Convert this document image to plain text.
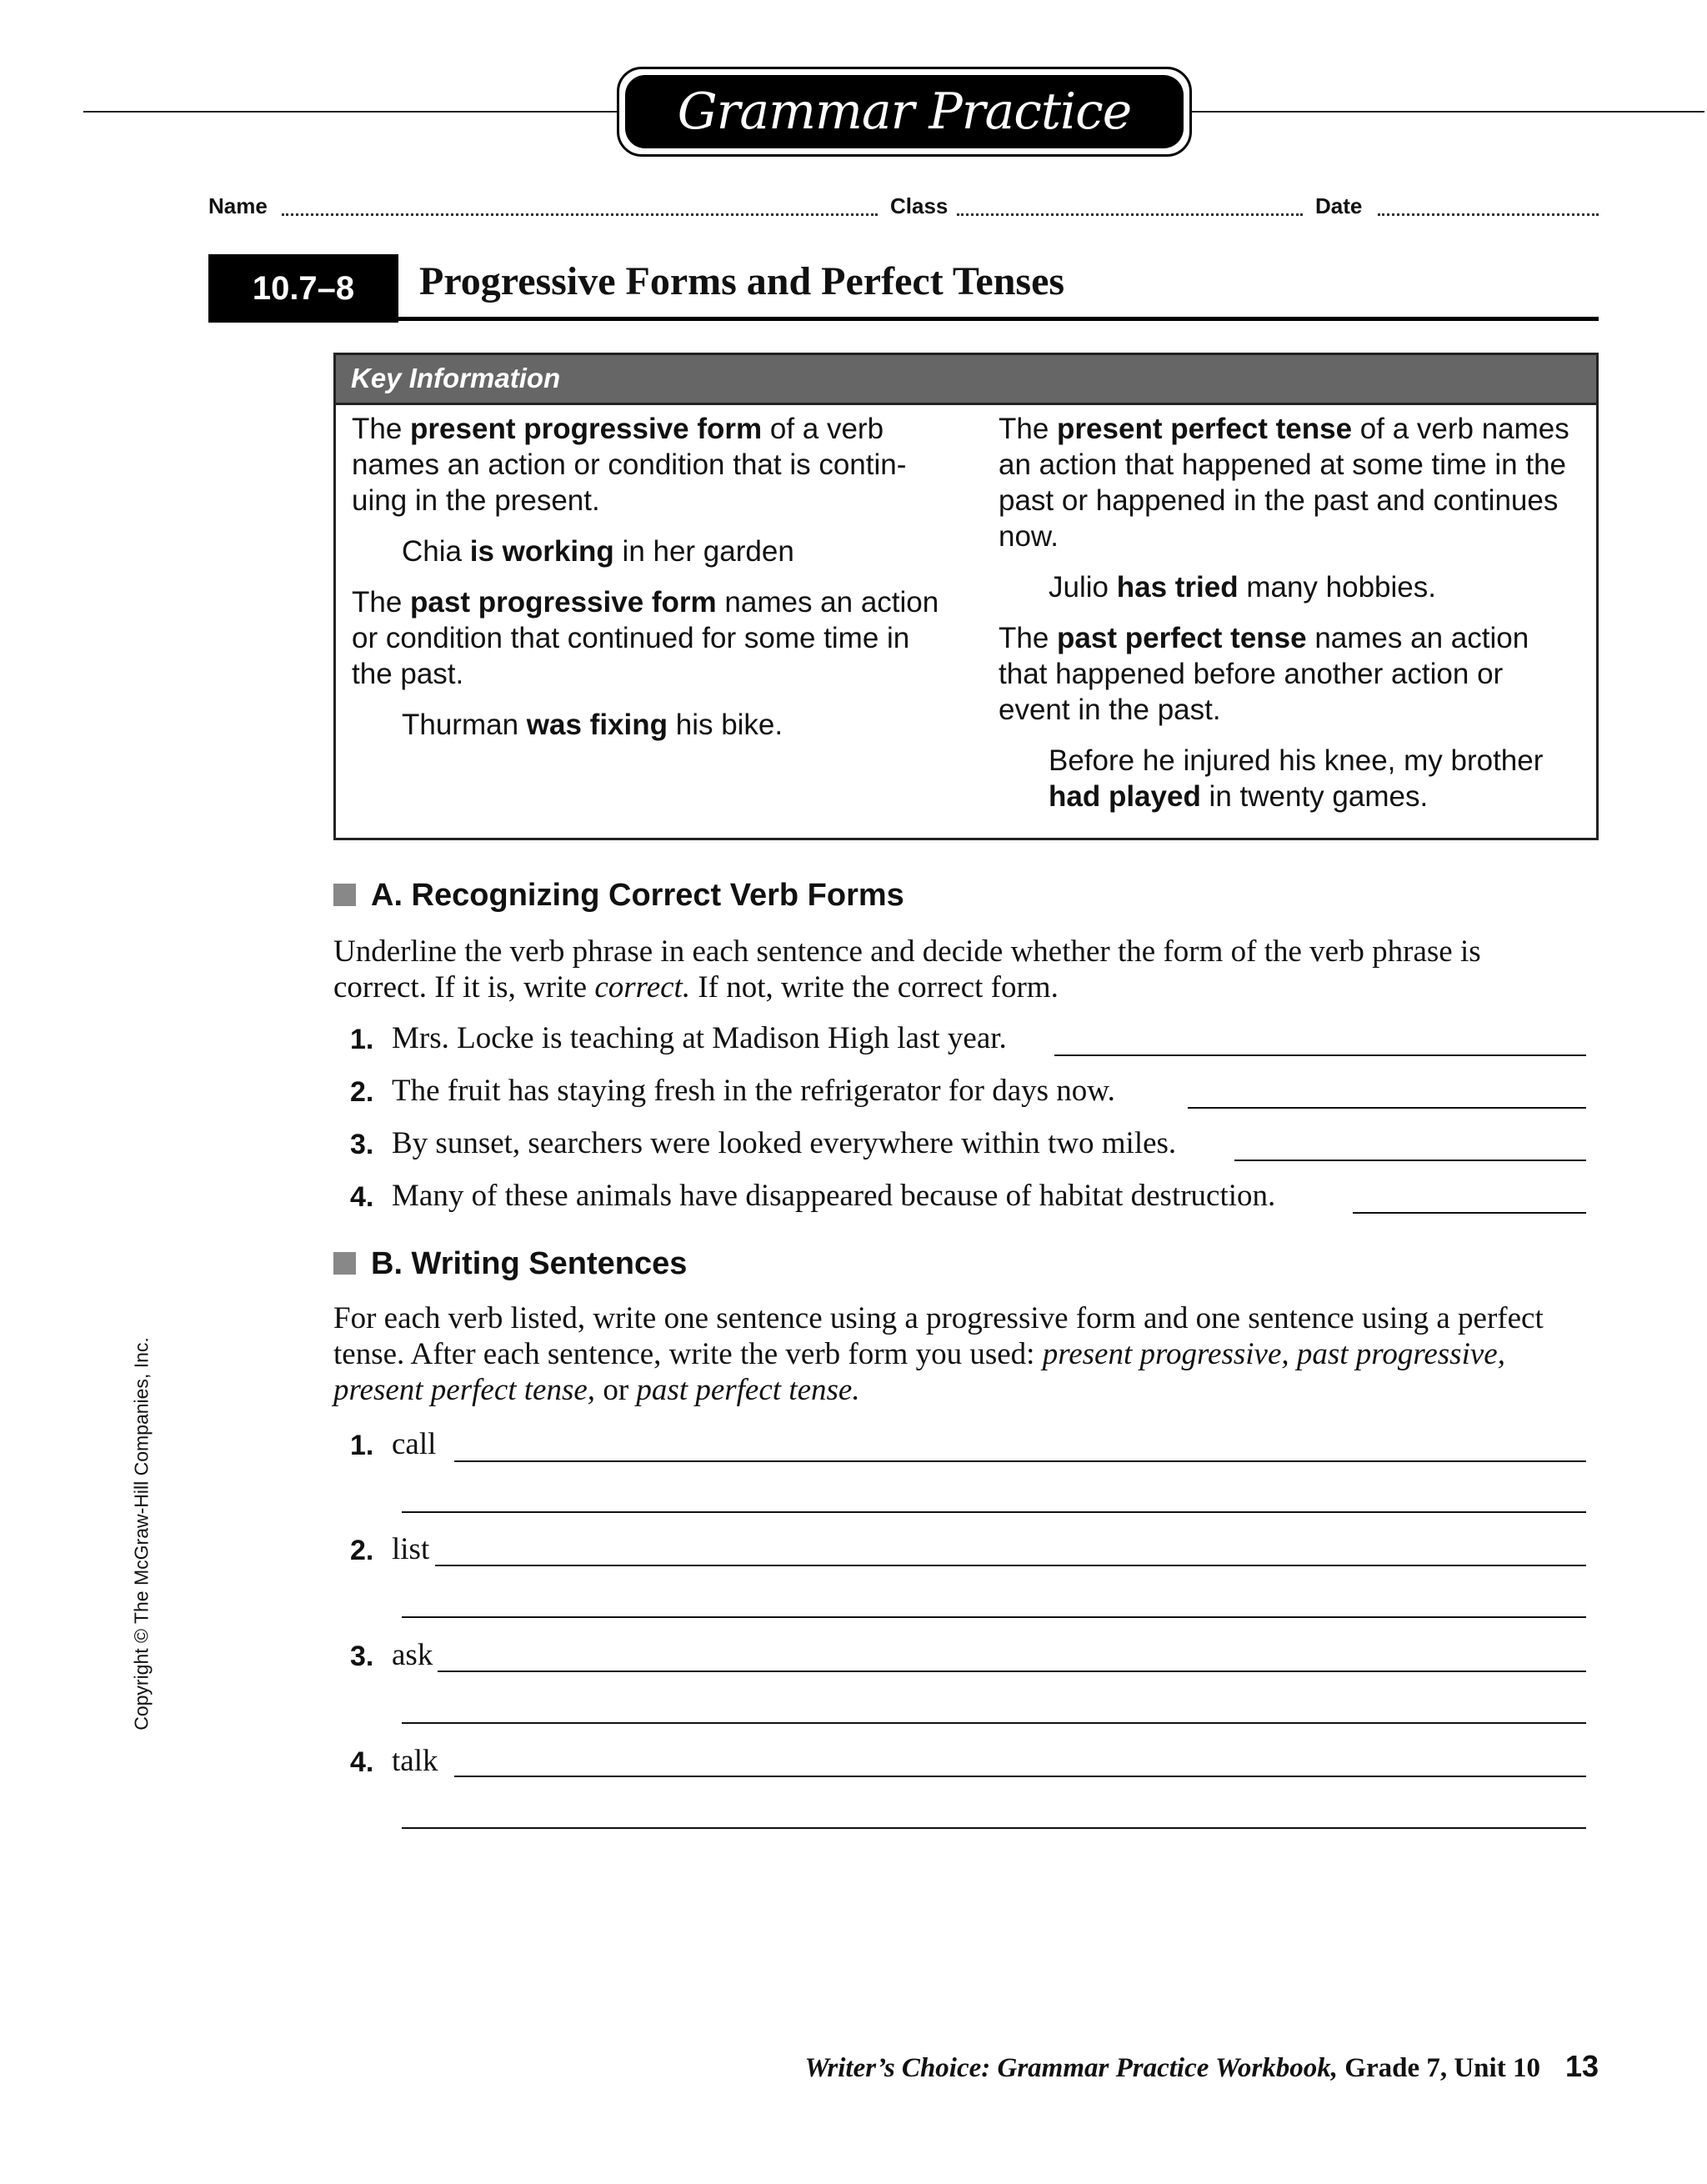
Grammar Practice
Name	Class	Date
10.7–8	Progressive Forms and Perfect Tenses
Key Information

The present progressive form of a verb names an action or condition that is contin- uing in the present.

Chia is working in her garden

The past progressive form names an action or condition that continued for some time in the past.

Thurman was fixing his bike.

The present perfect tense of a verb names an action that happened at some time in the past or happened in the past and continues now.

Julio has tried many hobbies.

The past perfect tense names an action that happened before another action or event in the past.

Before he injured his knee, my brother had played in twenty games.

A. Recognizing Correct Verb Forms

Underline the verb phrase in each sentence and decide whether the form of the verb phrase is correct. If it is, write correct. If not, write the correct form.

1. Mrs. Locke is teaching at Madison High last year.
2. The fruit has staying fresh in the refrigerator for days now.
3. By sunset, searchers were looked everywhere within two miles.
4. Many of these animals have disappeared because of habitat destruction.
B. Writing Sentences

For each verb listed, write one sentence using a progressive form and one sentence using a perfect tense. After each sentence, write the verb form you used: present progressive, past progressive, present perfect tense, or past perfect tense.

1. call
2. list
3. ask
4. talk
Writer’s Choice: Grammar Practice Workbook, Grade 7, Unit 10 13
Copyright © The McGraw-Hill Companies, Inc.
